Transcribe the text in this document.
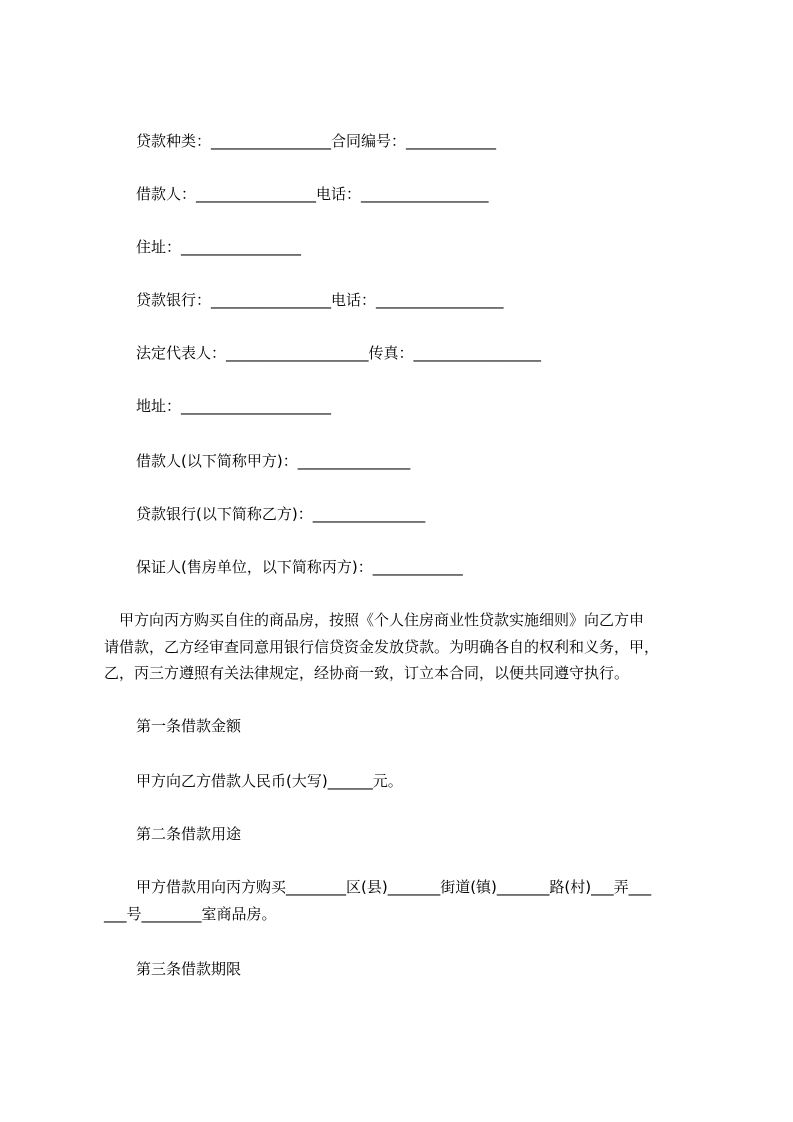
贷款种类：________________合同编号：____________
借款人：________________电话：_________________
住址：________________
贷款银行：________________电话：_________________
法定代表人：___________________传真：_________________
地址：____________________
借款人(以下简称甲方)：_______________
贷款银行(以下简称乙方)：_______________
保证人(售房单位，以下简称丙方)：____________
　甲方向丙方购买自住的商品房，按照《个人住房商业性贷款实施细则》向乙方申
请借款，乙方经审查同意用银行信贷资金发放贷款。为明确各自的权利和义务，甲，
乙，丙三方遵照有关法律规定，经协商一致，订立本合同，以便共同遵守执行。
第一条借款金额
甲方向乙方借款人民币(大写)______元。
第二条借款用途
甲方借款用向丙方购买________区(县)_______街道(镇)_______路(村)___弄___
___号________室商品房。
第三条借款期限
